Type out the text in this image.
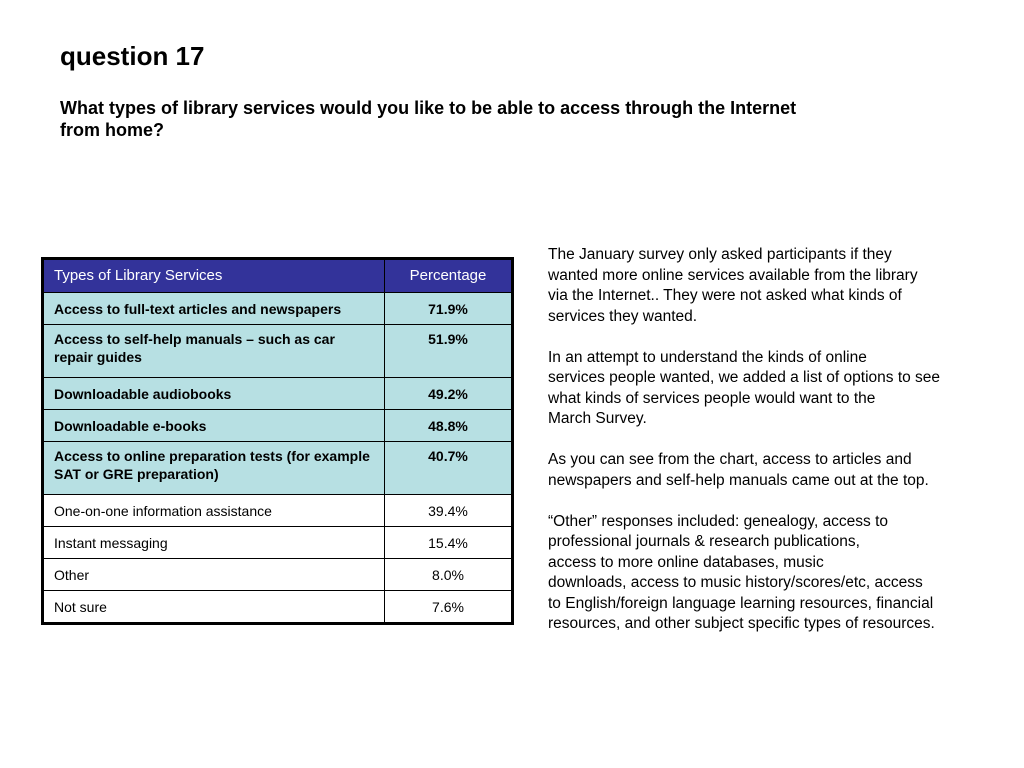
question 17

What types of library services would you like to be able to access through the Internet from home?

Types of Library Services	Percentage
Access to full-text articles and newspapers	71.9%
Access to self-help manuals – such as car repair guides	51.9%
Downloadable audiobooks	49.2%
Downloadable e-books	48.8%
Access to online preparation tests (for example SAT or GRE preparation)	40.7%
One-on-one information assistance	39.4%
Instant messaging	15.4%
Other	8.0%
Not sure	7.6%

The January survey only asked participants if they
wanted more online services available from the library
via the Internet.. They were not asked what kinds of
services they wanted.

In an attempt to understand the kinds of online
services people wanted, we added a list of options to see
what kinds of services people would want to the
March Survey.

As you can see from the chart, access to articles and
newspapers and self-help manuals came out at the top.

“Other” responses included: genealogy, access to
professional journals & research publications,
access to more online databases, music
downloads, access to music history/scores/etc, access
to English/foreign language learning resources, financial
resources, and other subject specific types of resources.
